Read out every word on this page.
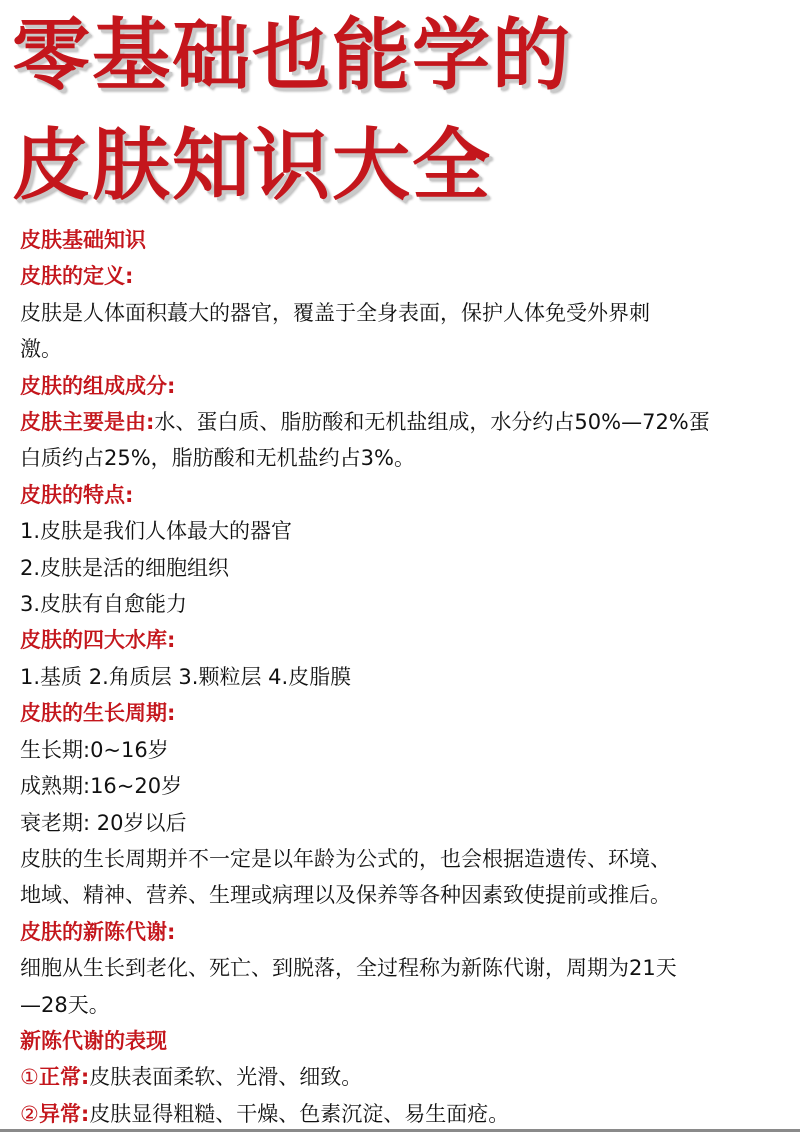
零基础也能学的
皮肤知识大全
皮肤基础知识
皮肤的定义:
皮肤是人体面积蕞大的器官，覆盖于全身表面，保护人体免受外界刺
激。
皮肤的组成成分:
皮肤主要是由:水、蛋白质、脂肪酸和无机盐组成，水分约占50%—72%蛋
白质约占25%，脂肪酸和无机盐约占3%。
皮肤的特点:
1.皮肤是我们人体最大的器官
2.皮肤是活的细胞组织
3.皮肤有自愈能力
皮肤的四大水库:
1.基质 2.角质层 3.颗粒层 4.皮脂膜
皮肤的生长周期:
生长期:0~16岁
成熟期:16~20岁
衰老期: 20岁以后
皮肤的生长周期并不一定是以年龄为公式的，也会根据造遗传、环境、
地域、精神、营养、生理或病理以及保养等各种因素致使提前或推后。
皮肤的新陈代谢:
细胞从生长到老化、死亡、到脱落，全过程称为新陈代谢，周期为21天
—28天。
新陈代谢的表现
①正常:皮肤表面柔软、光滑、细致。
②异常:皮肤显得粗糙、干燥、色素沉淀、易生面疮。
